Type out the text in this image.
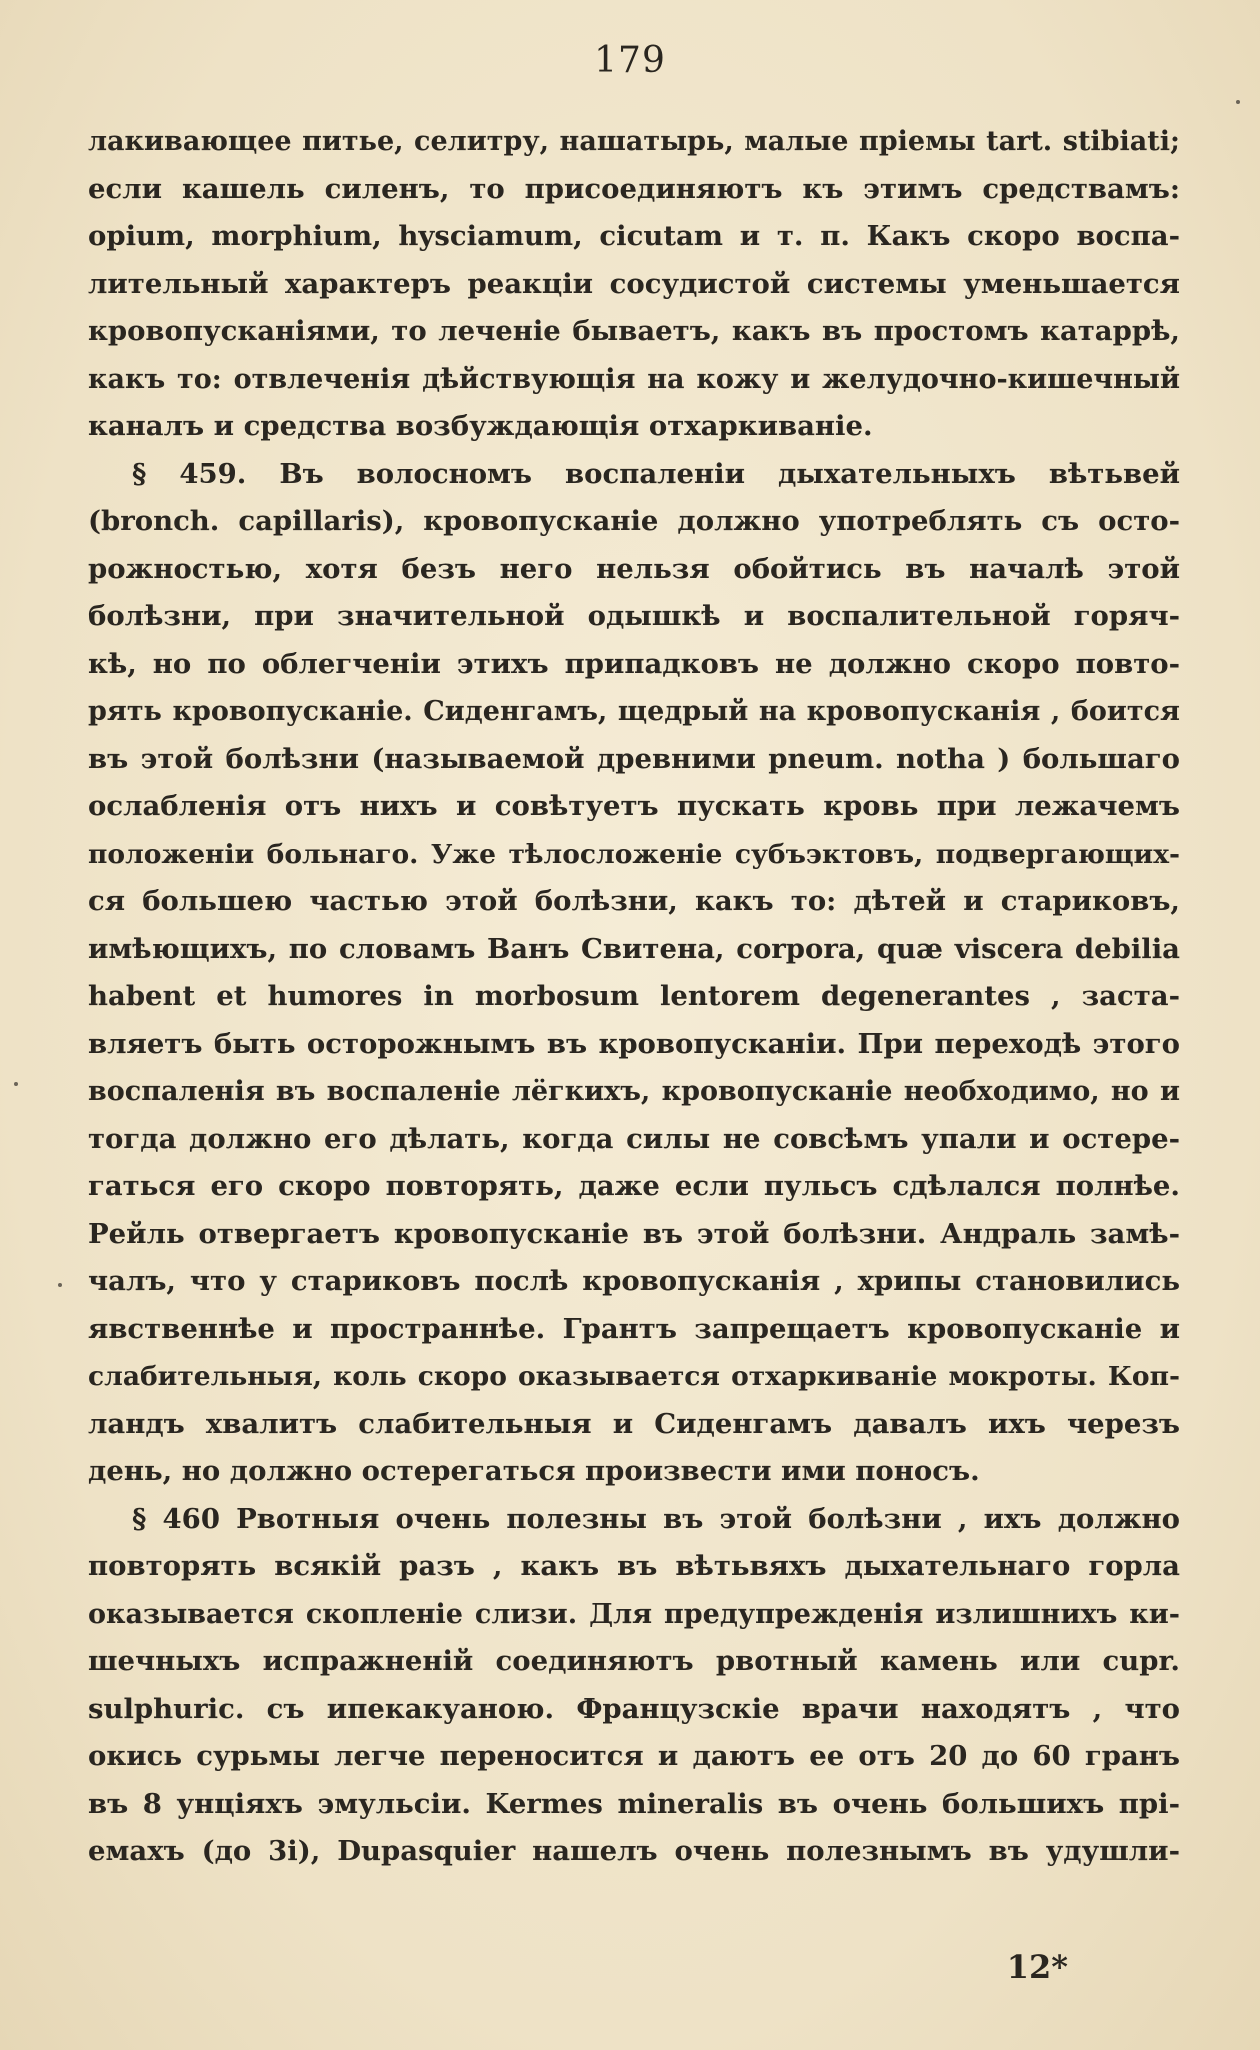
179
лакивающее питье, селитру, нашатырь, малые пріемы tart. stibiati;
если кашель силенъ, то присоединяютъ къ этимъ средствамъ:
opium, morphium, hysciamum, cicutam и т. п. Какъ скоро воспа-
лительный характеръ реакціи сосудистой системы уменьшается
кровопусканіями, то леченіе бываетъ, какъ въ простомъ катаррѣ,
какъ то: отвлеченія дѣйствующія на кожу и желудочно-кишечный
каналъ и средства возбуждающія отхаркиваніе.
§ 459. Въ волосномъ воспаленіи дыхательныхъ вѣтьвей
(bronch. capillaris), кровопусканіе должно употреблять съ осто-
рожностью, хотя безъ него нельзя обойтись въ началѣ этой
болѣзни, при значительной одышкѣ и воспалительной горяч-
кѣ, но по облегченіи этихъ припадковъ не должно скоро повто-
рять кровопусканіе. Сиденгамъ, щедрый на кровопусканія , боится
въ этой болѣзни (называемой древними pneum. notha ) большаго
ослабленія отъ нихъ и совѣтуетъ пускать кровь при лежачемъ
положеніи больнаго. Уже тѣлосложеніе субъэктовъ, подвергающих-
ся большею частью этой болѣзни, какъ то: дѣтей и стариковъ,
имѣющихъ, по словамъ Ванъ Свитена, corpora, quæ viscera debilia
habent et humores in morbosum lentorem degenerantes , заста-
вляетъ быть осторожнымъ въ кровопусканіи. При переходѣ этого
воспаленія въ воспаленіе лёгкихъ, кровопусканіе необходимо, но и
тогда должно его дѣлать, когда силы не совсѣмъ упали и остере-
гаться его скоро повторять, даже если пульсъ сдѣлался полнѣе.
Рейль отвергаетъ кровопусканіе въ этой болѣзни. Андраль замѣ-
чалъ, что у стариковъ послѣ кровопусканія , хрипы становились
явственнѣе и пространнѣе. Грантъ запрещаетъ кровопусканіе и
слабительныя, коль скоро оказывается отхаркиваніе мокроты. Коп-
ландъ хвалитъ слабительныя и Сиденгамъ давалъ ихъ черезъ
день, но должно остерегаться произвести ими поносъ.
§ 460 Рвотныя очень полезны въ этой болѣзни , ихъ должно
повторять всякій разъ , какъ въ вѣтьвяхъ дыхательнаго горла
оказывается скопленіе слизи. Для предупрежденія излишнихъ ки-
шечныхъ испражненій соединяютъ рвотный камень или cupr.
sulphuric. съ ипекакуаною. Французскіе врачи находятъ , что
окись сурьмы легче переносится и даютъ ее отъ 20 до 60 гранъ
въ 8 унціяхъ эмульсіи. Kermes mineralis въ очень большихъ прі-
емахъ (до 3i), Dupasquier нашелъ очень полезнымъ въ удушли-
12*
